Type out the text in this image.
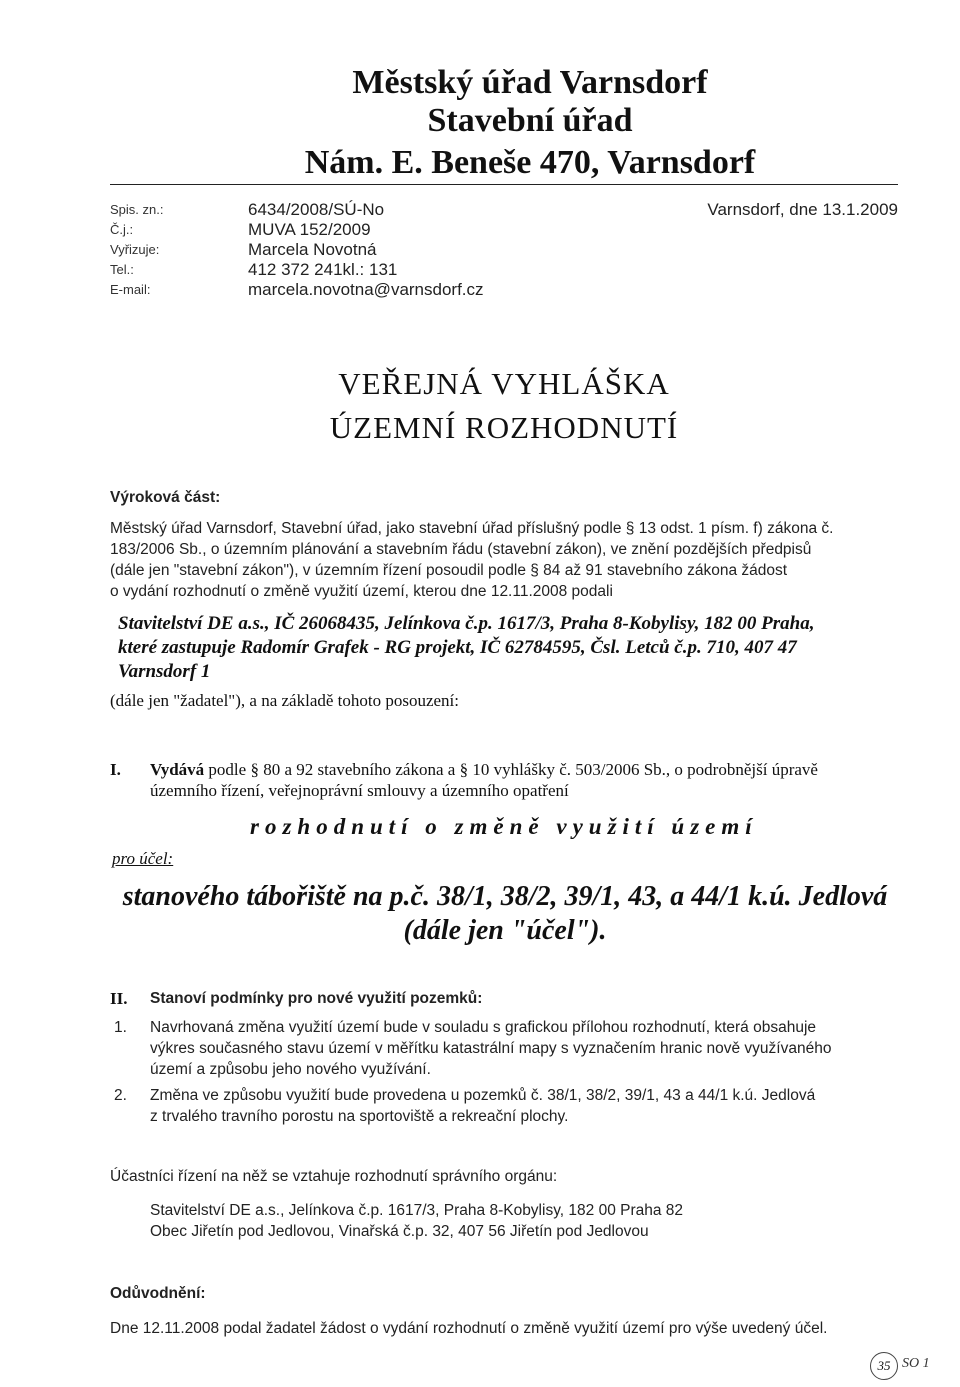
Městský úřad Varnsdorf
Stavební úřad
Nám. E. Beneše 470, Varnsdorf
Spis. zn.:
Č.j.:
Vyřizuje:
Tel.:
E-mail:
6434/2008/SÚ-No
MUVA 152/2009
Marcela Novotná
412 372 241kl.: 131
marcela.novotna@varnsdorf.cz
Varnsdorf, dne 13.1.2009
VEŘEJNÁ VYHLÁŠKA
ÚZEMNÍ ROZHODNUTÍ
Výroková část:
Městský úřad Varnsdorf, Stavební úřad, jako stavební úřad příslušný podle § 13 odst. 1 písm. f) zákona č.
183/2006 Sb., o územním plánování a stavebním řádu (stavební zákon), ve znění pozdějších předpisů
(dále jen "stavební zákon"), v územním řízení posoudil podle § 84 až 91 stavebního zákona žádost
o vydání rozhodnutí o změně využití území, kterou dne 12.11.2008 podali
Stavitelství DE a.s., IČ 26068435, Jelínkova č.p. 1617/3, Praha 8-Kobylisy, 182 00 Praha,
které zastupuje Radomír Grafek - RG projekt, IČ 62784595, Čsl. Letců č.p. 710, 407 47
Varnsdorf 1
(dále jen "žadatel"), a na základě tohoto posouzení:
I. Vydává podle § 80 a 92 stavebního zákona a § 10 vyhlášky č. 503/2006 Sb., o podrobnější úpravě
územního řízení, veřejnoprávní smlouvy a územního opatření
rozhodnutí o změně využití území
pro účel:
stanového tábořiště na p.č. 38/1, 38/2, 39/1, 43, a 44/1 k.ú. Jedlová
(dále jen "účel").
II. Stanoví podmínky pro nové využití pozemků:
1. Navrhovaná změna využití území bude v souladu s grafickou přílohou rozhodnutí, která obsahuje
výkres současného stavu území v měřítku katastrální mapy s vyznačením hranic nově využívaného
území a způsobu jeho nového využívání.
2. Změna ve způsobu využití bude provedena u pozemků č. 38/1, 38/2, 39/1, 43 a 44/1 k.ú. Jedlová
z trvalého travního porostu na sportoviště a rekreační plochy.
Účastníci řízení na něž se vztahuje rozhodnutí správního orgánu:
Stavitelství DE a.s., Jelínkova č.p. 1617/3, Praha 8-Kobylisy, 182 00 Praha 82
Obec Jiřetín pod Jedlovou, Vinařská č.p. 32, 407 56 Jiřetín pod Jedlovou
Odůvodnění:
Dne 12.11.2008 podal žadatel žádost o vydání rozhodnutí o změně využití území pro výše uvedený účel.
35 SO 1
